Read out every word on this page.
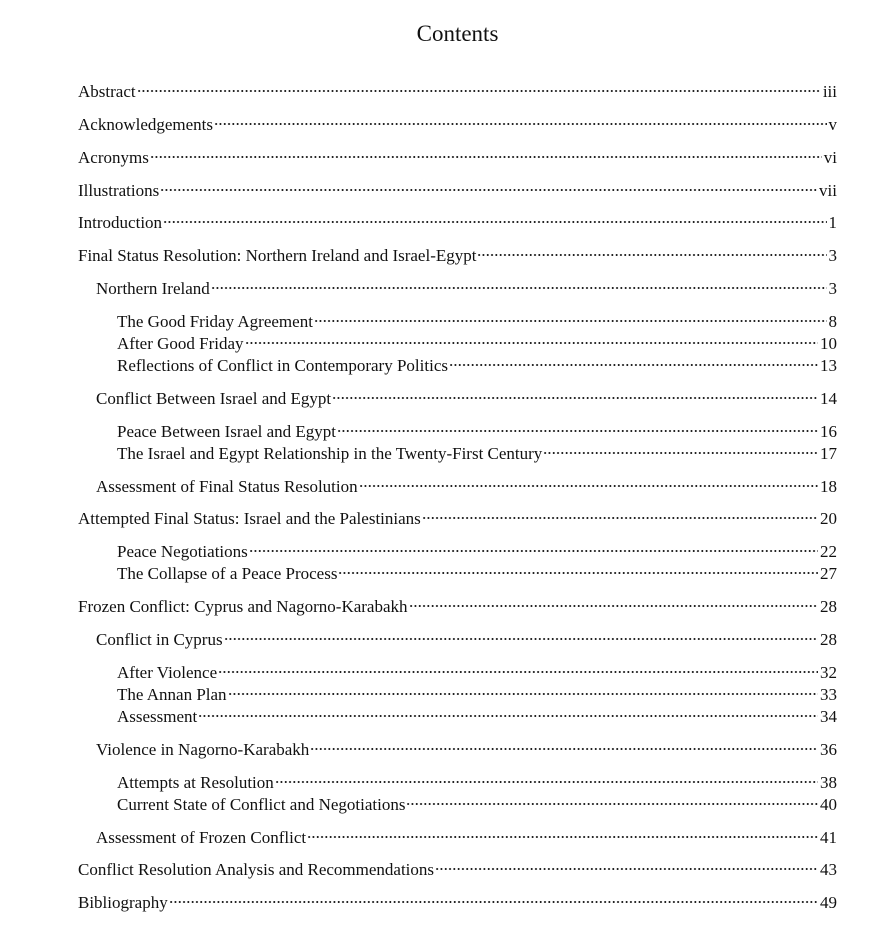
Contents
Abstract	iii
Acknowledgements	v
Acronyms	vi
Illustrations	vii
Introduction	1
Final Status Resolution: Northern Ireland and Israel-Egypt	3
Northern Ireland	3
The Good Friday Agreement	8
After Good Friday	10
Reflections of Conflict in Contemporary Politics	13
Conflict Between Israel and Egypt	14
Peace Between Israel and Egypt	16
The Israel and Egypt Relationship in the Twenty-First Century	17
Assessment of Final Status Resolution	18
Attempted Final Status: Israel and the Palestinians	20
Peace Negotiations	22
The Collapse of a Peace Process	27
Frozen Conflict: Cyprus and Nagorno-Karabakh	28
Conflict in Cyprus	28
After Violence	32
The Annan Plan	33
Assessment	34
Violence in Nagorno-Karabakh	36
Attempts at Resolution	38
Current State of Conflict and Negotiations	40
Assessment of Frozen Conflict	41
Conflict Resolution Analysis and Recommendations	43
Bibliography	49
